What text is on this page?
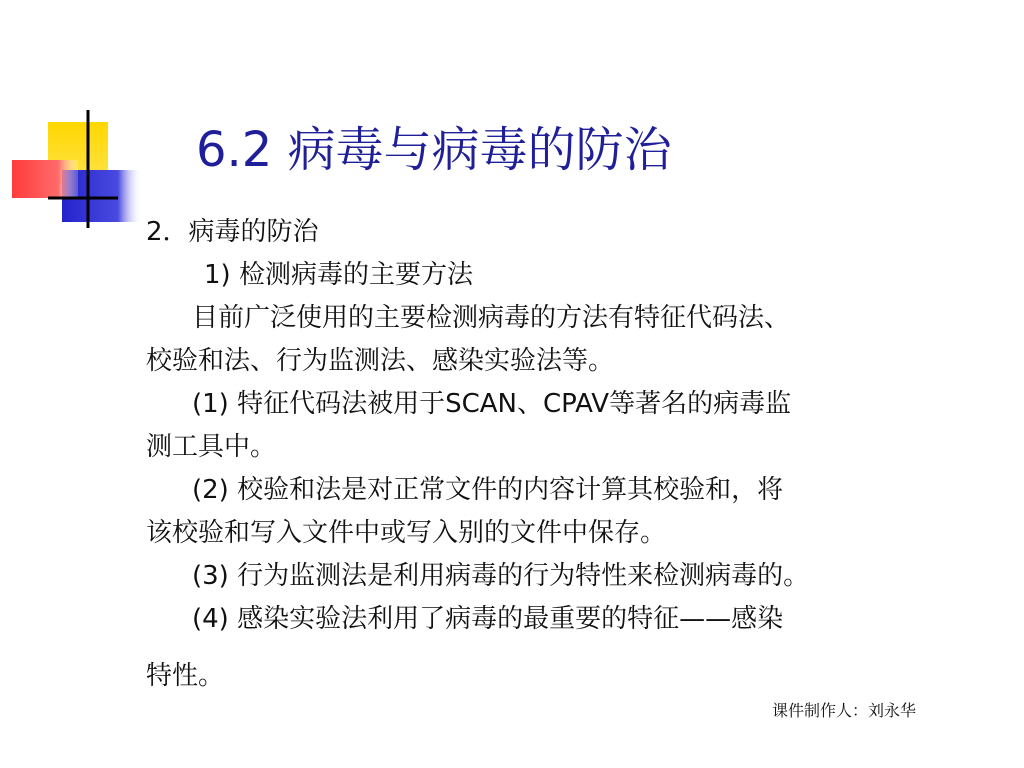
6.2 病毒与病毒的防治
2．病毒的防治
1) 检测病毒的主要方法
目前广泛使用的主要检测病毒的方法有特征代码法、
校验和法、行为监测法、感染实验法等。
(1) 特征代码法被用于SCAN、CPAV等著名的病毒监
测工具中。
(2) 校验和法是对正常文件的内容计算其校验和，将
该校验和写入文件中或写入别的文件中保存。
(3) 行为监测法是利用病毒的行为特性来检测病毒的。
(4) 感染实验法利用了病毒的最重要的特征——感染
特性。
课件制作人：刘永华
